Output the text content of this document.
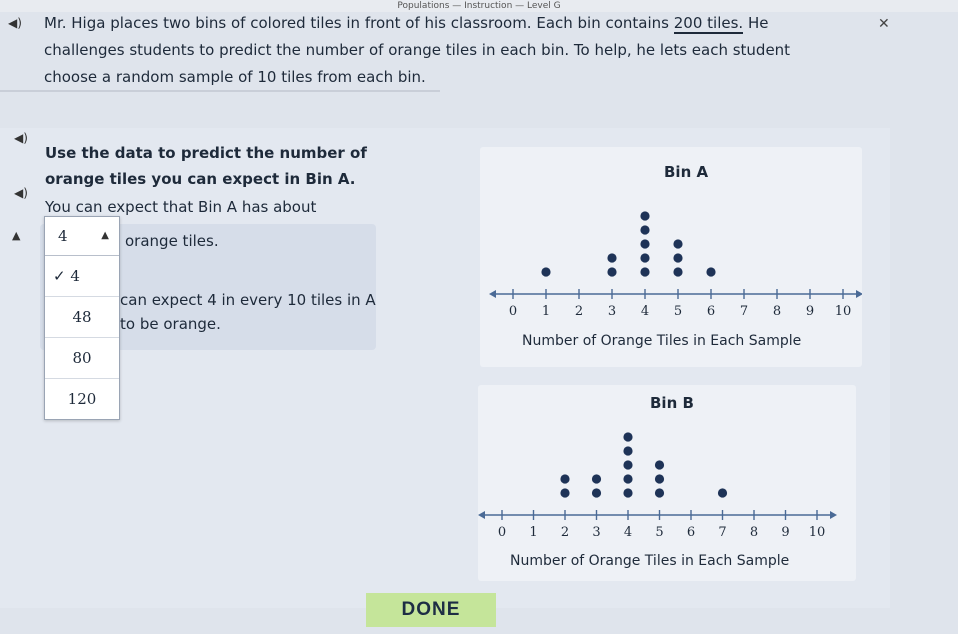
Populations — Instruction — Level G
✕
◀) Mr. Higa places two bins of colored tiles in front of his classroom. Each bin contains 200 tiles. He challenges students to predict the number of orange tiles in each bin. To help, he lets each student choose a random sample of 10 tiles from each bin.
◀)
Use the data to predict the number of orange tiles you can expect in Bin A.
◀)
You can expect that Bin A has about
orange tiles.
can expect 4 in every 10 tiles in A to be orange.
▲	4	▲
✓ 4
48
80
120
Bin A
0 1 2 3 4 5 6 7 8 9 10
Number of Orange Tiles in Each Sample
Bin B
0 1 2 3 4 5 6 7 8 9 10
Number of Orange Tiles in Each Sample
DONE
